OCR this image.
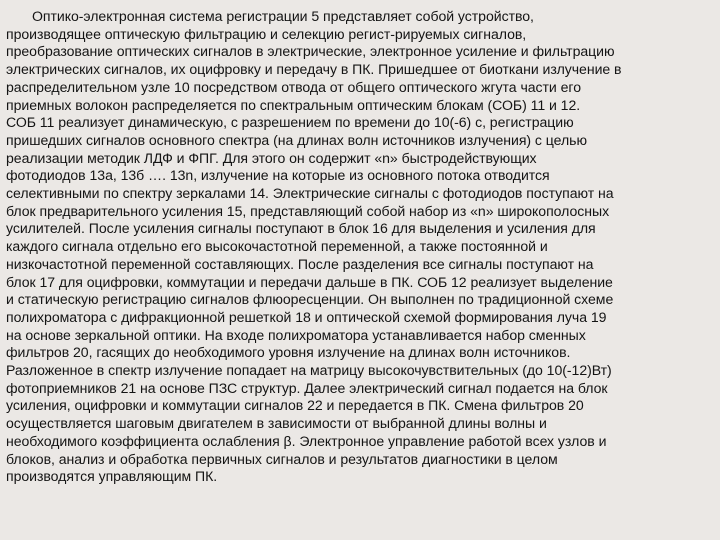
Оптико-электронная система регистрации 5 представляет собой устройство,
производящее оптическую фильтрацию и селекцию регист-рируемых сигналов,
преобразование оптических сигналов в электрические, электронное усиление и фильтрацию
электрических сигналов, их оцифровку и передачу в ПК. Пришедшее от биоткани излучение в
распределительном узле 10 посредством отвода от общего оптического жгута части его
приемных волокон распределяется по спектральным оптическим блокам (СОБ) 11 и 12.
СОБ 11 реализует динамическую, с разрешением по времени до 10(-6) с, регистрацию
пришедших сигналов основного спектра (на длинах волн источников излучения) с целью
реализации методик ЛДФ и ФПГ. Для этого он содержит «n» быстродействующих
фотодиодов 13а, 13б …. 13n, излучение на которые из основного потока отводится
селективными по спектру зеркалами 14. Электрические сигналы с фотодиодов поступают на
блок предварительного усиления 15, представляющий собой набор из «n» широкополосных
усилителей. После усиления сигналы поступают в блок 16 для выделения и усиления для
каждого сигнала отдельно его высокочастотной переменной, а также постоянной и
низкочастотной переменной составляющих. После разделения все сигналы поступают на
блок 17 для оцифровки, коммутации и передачи дальше в ПК. СОБ 12 реализует выделение
и статическую регистрацию сигналов флюоресценции. Он выполнен по традиционной схеме
полихроматора с дифракционной решеткой 18 и оптической схемой формирования луча 19
на основе зеркальной оптики. На входе полихроматора устанавливается набор сменных
фильтров 20, гасящих до необходимого уровня излучение на длинах волн источников.
Разложенное в спектр излучение попадает на матрицу высокочувствительных (до 10(-12)Вт)
фотоприемников 21 на основе ПЗС структур. Далее электрический сигнал подается на блок
усиления, оцифровки и коммутации сигналов 22 и передается в ПК. Смена фильтров 20
осуществляется шаговым двигателем в зависимости от выбранной длины волны и
необходимого коэффициента ослабления β. Электронное управление работой всех узлов и
блоков, анализ и обработка первичных сигналов и результатов диагностики в целом
производятся управляющим ПК.
